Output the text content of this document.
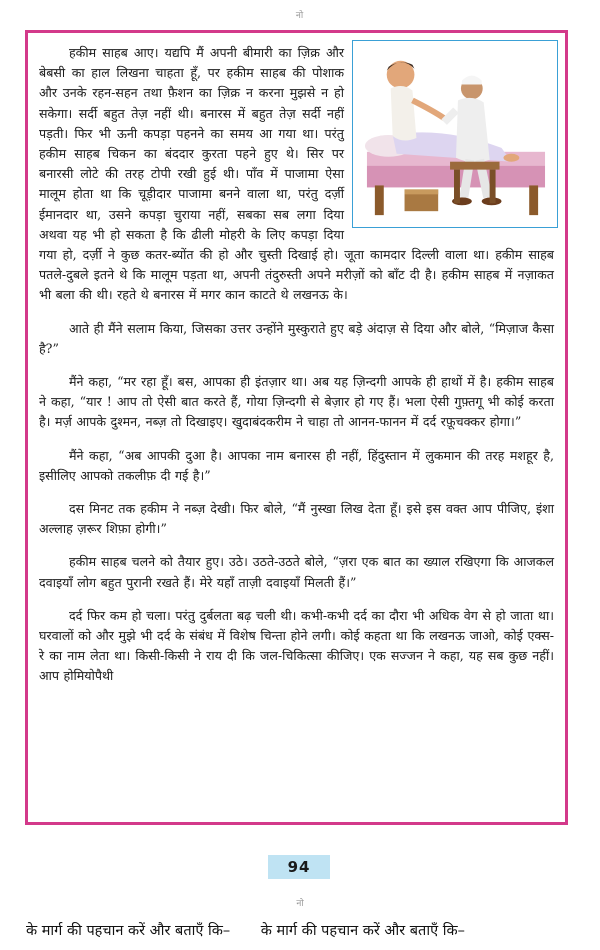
नो

हकीम साहब आए। यद्यपि मैं अपनी बीमारी का ज़िक्र और बेबसी का हाल लिखना चाहता हूँ, पर हकीम साहब की पोशाक और उनके रहन-सहन तथा फ़ैशन का ज़िक्र न करना मुझसे न हो सकेगा। सर्दी बहुत तेज़ नहीं थी। बनारस में बहुत तेज़ सर्दी नहीं पड़ती। फिर भी ऊनी कपड़ा पहनने का समय आ गया था। परंतु हकीम साहब चिकन का बंददार कुरता पहने हुए थे। सिर पर बनारसी लोटे की तरह टोपी रखी हुई थी। पाँव में पाजामा ऐसा मालूम होता था कि चूड़ीदार पाजामा बनने वाला था, परंतु दर्ज़ी ईमानदार था, उसने कपड़ा चुराया नहीं, सबका सब लगा दिया अथवा यह भी हो सकता है कि ढीली मोहरी के लिए कपड़ा दिया गया हो, दर्ज़ी ने कुछ कतर-ब्योंत की हो और चुस्ती दिखाई हो। जूता कामदार दिल्ली वाला था। हकीम साहब पतले-दुबले इतने थे कि मालूम पड़ता था, अपनी तंदुरुस्ती अपने मरीज़ों को बाँट दी है। हकीम साहब में नज़ाकत भी बला की थी। रहते थे बनारस में मगर कान काटते थे लखनऊ के।

आते ही मैंने सलाम किया, जिसका उत्तर उन्होंने मुस्कुराते हुए बड़े अंदाज़ से दिया और बोले, “मिज़ाज कैसा है?”

मैंने कहा, “मर रहा हूँ। बस, आपका ही इंतज़ार था। अब यह ज़िन्दगी आपके ही हाथों में है। हकीम साहब ने कहा, “यार ! आप तो ऐसी बात करते हैं, गोया ज़िन्दगी से बेज़ार हो गए हैं। भला ऐसी गुफ़्तगू भी कोई करता है। मर्ज़ आपके दुश्मन, नब्ज़ तो दिखाइए। खुदाबंदकरीम ने चाहा तो आनन-फानन में दर्द रफ़ूचक्कर होगा।”

मैंने कहा, “अब आपकी दुआ है। आपका नाम बनारस ही नहीं, हिंदुस्तान में लुकमान की तरह मशहूर है, इसीलिए आपको तकलीफ़ दी गई है।”

दस मिनट तक हकीम ने नब्ज़ देखी। फिर बोले, “मैं नुस्खा लिख देता हूँ। इसे इस वक्त आप पीजिए, इंशा अल्लाह ज़रूर शिफ़ा होगी।”

हकीम साहब चलने को तैयार हुए। उठे। उठते-उठते बोले, “ज़रा एक बात का ख्याल रखिएगा कि आजकल दवाइयाँ लोग बहुत पुरानी रखते हैं। मेरे यहाँ ताज़ी दवाइयाँ मिलती हैं।”

दर्द फिर कम हो चला। परंतु दुर्बलता बढ़ चली थी। कभी-कभी दर्द का दौरा भी अधिक वेग से हो जाता था। घरवालों को और मुझे भी दर्द के संबंध में विशेष चिन्ता होने लगी। कोई कहता था कि लखनऊ जाओ, कोई एक्स-रे का नाम लेता था। किसी-किसी ने राय दी कि जल-चिकित्सा कीजिए। एक सज्जन ने कहा, यह सब कुछ नहीं। आप होमियोपैथी

94
नो
के मार्ग की पहचान करें और बताएँ कि– के मार्ग की पहचान करें और बताएँ कि–
